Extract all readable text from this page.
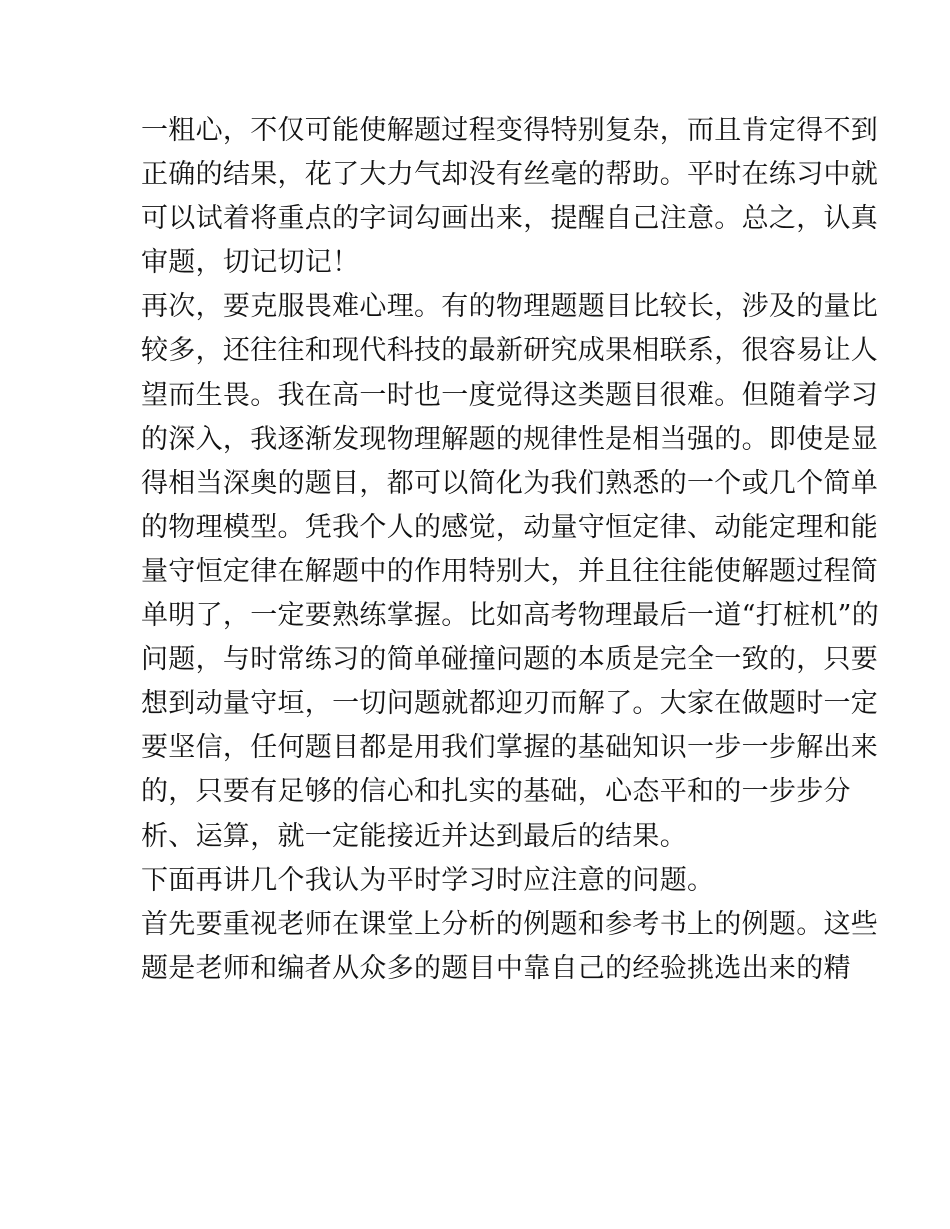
一粗心，不仅可能使解题过程变得特别复杂，而且肯定得不到
正确的结果，花了大力气却没有丝毫的帮助。平时在练习中就
可以试着将重点的字词勾画出来，提醒自己注意。总之，认真
审题，切记切记！
再次，要克服畏难心理。有的物理题题目比较长，涉及的量比
较多，还往往和现代科技的最新研究成果相联系，很容易让人
望而生畏。我在高一时也一度觉得这类题目很难。但随着学习
的深入，我逐渐发现物理解题的规律性是相当强的。即使是显
得相当深奥的题目，都可以简化为我们熟悉的一个或几个简单
的物理模型。凭我个人的感觉，动量守恒定律、动能定理和能
量守恒定律在解题中的作用特别大，并且往往能使解题过程简
单明了，一定要熟练掌握。比如高考物理最后一道“打桩机”的
问题，与时常练习的简单碰撞问题的本质是完全一致的，只要
想到动量守垣，一切问题就都迎刃而解了。大家在做题时一定
要坚信，任何题目都是用我们掌握的基础知识一步一步解出来
的，只要有足够的信心和扎实的基础，心态平和的一步步分
析、运算，就一定能接近并达到最后的结果。
下面再讲几个我认为平时学习时应注意的问题。
首先要重视老师在课堂上分析的例题和参考书上的例题。这些
题是老师和编者从众多的题目中靠自己的经验挑选出来的精
